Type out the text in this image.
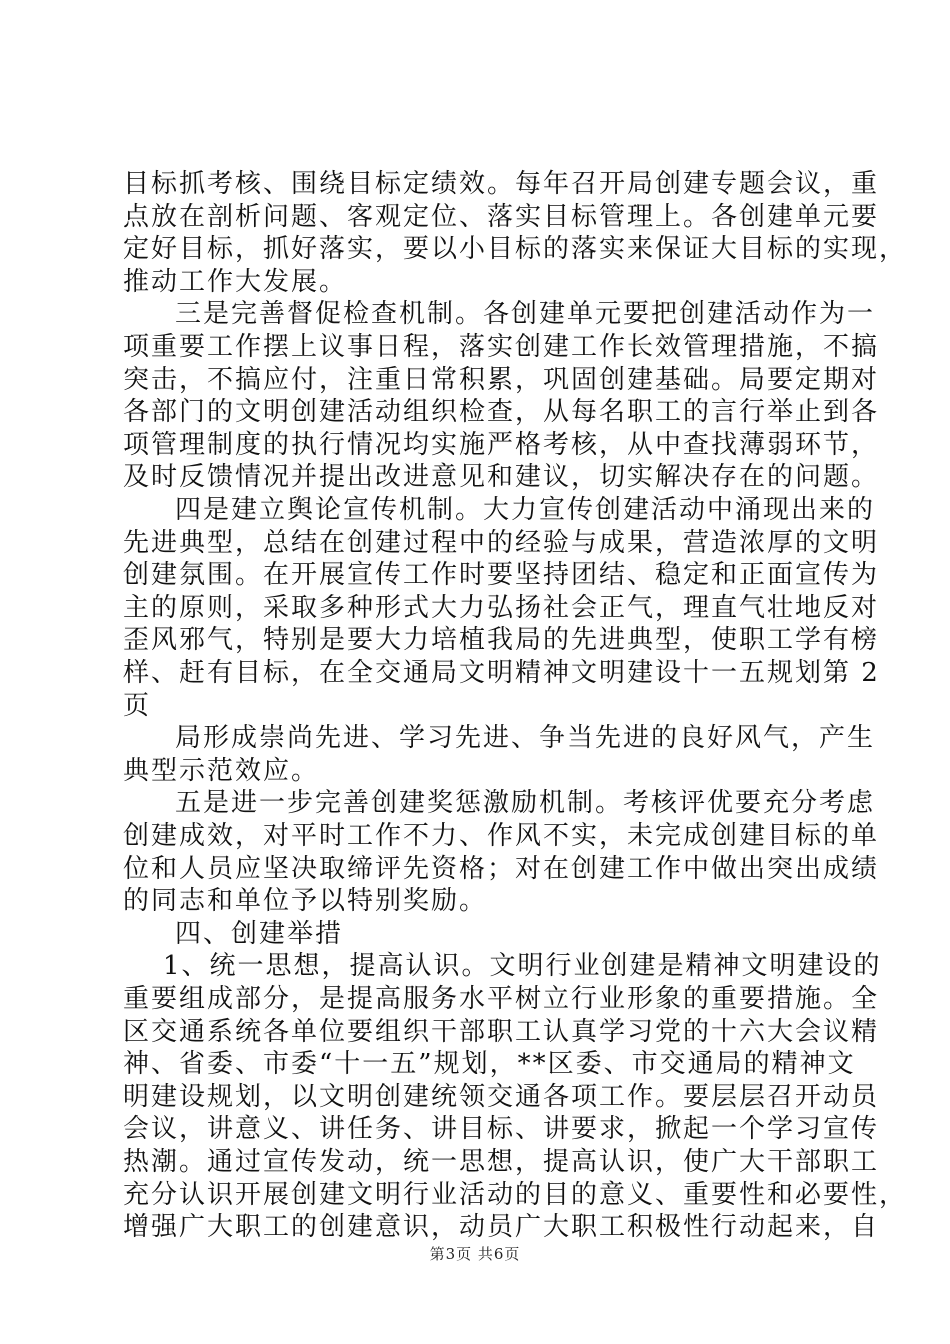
目标抓考核、围绕目标定绩效。每年召开局创建专题会议，重
点放在剖析问题、客观定位、落实目标管理上。各创建单元要
定好目标，抓好落实，要以小目标的落实来保证大目标的实现，
推动工作大发展。
三是完善督促检查机制。各创建单元要把创建活动作为一
项重要工作摆上议事日程，落实创建工作长效管理措施，不搞
突击，不搞应付，注重日常积累，巩固创建基础。局要定期对
各部门的文明创建活动组织检查，从每名职工的言行举止到各
项管理制度的执行情况均实施严格考核，从中查找薄弱环节，
及时反馈情况并提出改进意见和建议，切实解决存在的问题。
四是建立舆论宣传机制。大力宣传创建活动中涌现出来的
先进典型，总结在创建过程中的经验与成果，营造浓厚的文明
创建氛围。在开展宣传工作时要坚持团结、稳定和正面宣传为
主的原则，采取多种形式大力弘扬社会正气，理直气壮地反对
歪风邪气，特别是要大力培植我局的先进典型，使职工学有榜
样、赶有目标，在全交通局文明精神文明建设十一五规划第 2
页
局形成崇尚先进、学习先进、争当先进的良好风气，产生
典型示范效应。
五是进一步完善创建奖惩激励机制。考核评优要充分考虑
创建成效，对平时工作不力、作风不实，未完成创建目标的单
位和人员应坚决取缔评先资格；对在创建工作中做出突出成绩
的同志和单位予以特别奖励。
四、创建举措
1、统一思想，提高认识。文明行业创建是精神文明建设的
重要组成部分，是提高服务水平树立行业形象的重要措施。全
区交通系统各单位要组织干部职工认真学习党的十六大会议精
神、省委、市委“十一五”规划，**区委、市交通局的精神文
明建设规划，以文明创建统领交通各项工作。要层层召开动员
会议，讲意义、讲任务、讲目标、讲要求，掀起一个学习宣传
热潮。通过宣传发动，统一思想，提高认识，使广大干部职工
充分认识开展创建文明行业活动的目的意义、重要性和必要性，
增强广大职工的创建意识，动员广大职工积极性行动起来，自
第3页 共6页
